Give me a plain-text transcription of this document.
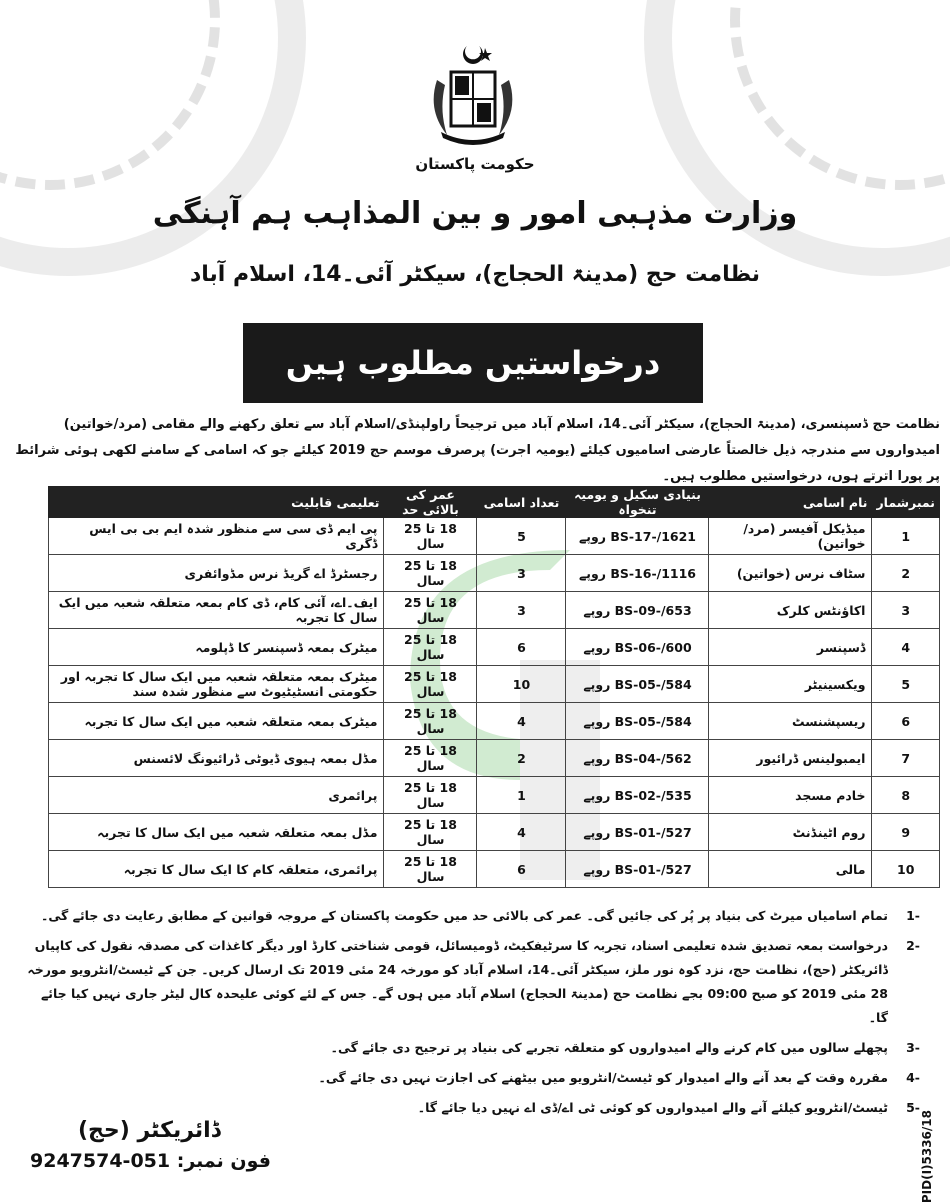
حکومت پاکستان
وزارت مذہبی امور و بین المذاہب ہم آہنگی
نظامت حج (مدینۃ الحجاج)، سیکٹر آئی۔14، اسلام آباد
درخواستیں مطلوب ہیں
نظامت حج ڈسپنسری، (مدینۃ الحجاج)، سیکٹر آئی۔14، اسلام آباد میں ترجیحاً راولپنڈی/اسلام آباد سے تعلق رکھنے والے مقامی (مرد/خواتین) امیدواروں سے مندرجہ ذیل خالصتاً عارضی اسامیوں کیلئے (یومیہ اجرت) پرصرف موسم حج 2019 کیلئے جو کہ اسامی کے سامنے لکھی ہوئی شرائط پر پورا اترتے ہوں، درخواستیں مطلوب ہیں۔
نمبرشمار	نام اسامی	بنیادی سکیل و یومیہ تنخواہ	تعداد اسامی	عمر کی بالائی حد	تعلیمی قابلیت
1	میڈیکل آفیسر (مرد/خواتین)	1621/-BS-17 روپے	5	18 تا 25 سال	پی ایم ڈی سی سے منظور شدہ ایم بی بی ایس ڈگری
2	سٹاف نرس (خواتین)	1116/-BS-16 روپے	3	18 تا 25 سال	رجسٹرڈ اے گریڈ نرس مڈوائفری
3	اکاؤنٹس کلرک	653/-BS-09 روپے	3	18 تا 25 سال	ایف۔اے، آئی کام، ڈی کام بمعہ متعلقہ شعبہ میں ایک سال کا تجربہ
4	ڈسپنسر	600/-BS-06 روپے	6	18 تا 25 سال	میٹرک بمعہ ڈسپنسر کا ڈپلومہ
5	ویکسینیٹر	584/-BS-05 روپے	10	18 تا 25 سال	میٹرک بمعہ متعلقہ شعبہ میں ایک سال کا تجربہ اور حکومتی انسٹیٹیوٹ سے منظور شدہ سند
6	ریسپشنسٹ	584/-BS-05 روپے	4	18 تا 25 سال	میٹرک بمعہ متعلقہ شعبہ میں ایک سال کا تجربہ
7	ایمبولینس ڈرائیور	562/-BS-04 روپے	2	18 تا 25 سال	مڈل بمعہ ہیوی ڈیوٹی ڈرائیونگ لائسنس
8	خادم مسجد	535/-BS-02 روپے	1	18 تا 25 سال	پرائمری
9	روم اٹینڈنٹ	527/-BS-01 روپے	4	18 تا 25 سال	مڈل بمعہ متعلقہ شعبہ میں ایک سال کا تجربہ
10	مالی	527/-BS-01 روپے	6	18 تا 25 سال	پرائمری، متعلقہ کام کا ایک سال کا تجربہ
-1
تمام اسامیاں میرٹ کی بنیاد پر پُر کی جائیں گی۔ عمر کی بالائی حد میں حکومت پاکستان کے مروجہ قوانین کے مطابق رعایت دی جائے گی۔
-2
درخواست بمعہ تصدیق شدہ تعلیمی اسناد، تجربہ کا سرٹیفکیٹ، ڈومیسائل، قومی شناختی کارڈ اور دیگر کاغذات کی مصدقہ نقول کی کاپیاں ڈائریکٹر (حج)، نظامت حج، نزد کوہ نور ملز، سیکٹر آئی۔14، اسلام آباد کو مورخہ 24 مئی 2019 تک ارسال کریں۔ جن کے ٹیسٹ/انٹرویو مورخہ 28 مئی 2019 کو صبح 09:00 بجے نظامت حج (مدینۃ الحجاج) اسلام آباد میں ہوں گے۔ جس کے لئے کوئی علیحدہ کال لیٹر جاری نہیں کیا جائے گا۔
-3
پچھلے سالوں میں کام کرنے والے امیدواروں کو متعلقہ تجربے کی بنیاد پر ترجیح دی جائے گی۔
-4
مقررہ وقت کے بعد آنے والے امیدوار کو ٹیسٹ/انٹرویو میں بیٹھنے کی اجازت نہیں دی جائے گی۔
-5
ٹیسٹ/انٹرویو کیلئے آنے والے امیدواروں کو کوئی ٹی اے/ڈی اے نہیں دیا جائے گا۔
ڈائریکٹر (حج)
فون نمبر: 051-9247574	PID(I)5336/18
